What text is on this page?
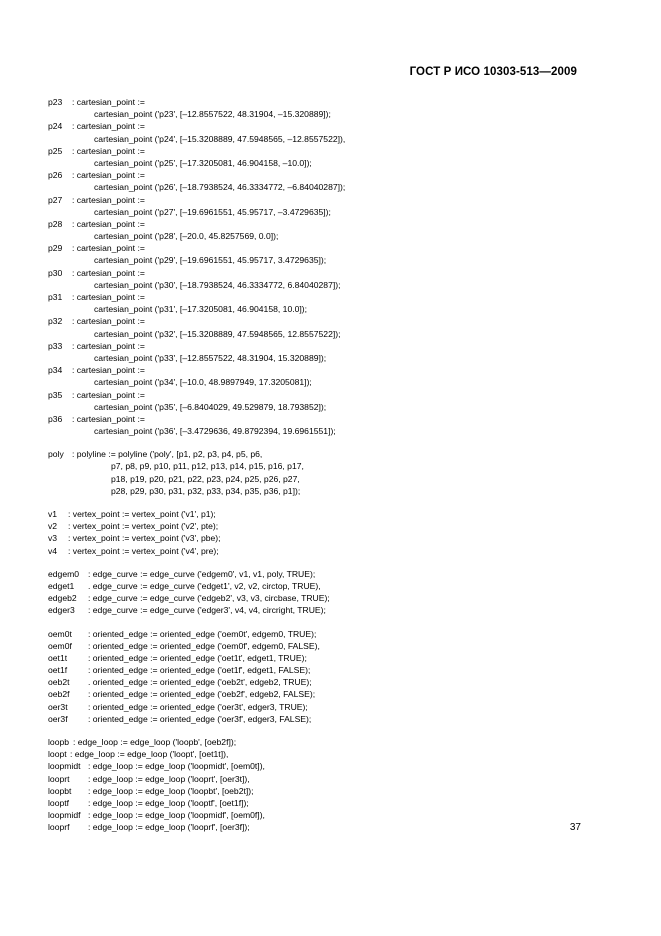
ГОСТ Р ИСО 10303-513—2009
p23 : cartesian_point :=
cartesian_point ('p23', [–12.8557522, 48.31904, –15.320889]);
p24 : cartesian_point :=
cartesian_point ('p24', [–15.3208889, 47.5948565, –12.8557522]),
p25 : cartesian_point :=
cartesian_point ('p25', [–17.3205081, 46.904158, –10.0]);
p26 : cartesian_point :=
cartesian_point ('p26', [–18.7938524, 46.3334772, –6.84040287]);
p27 : cartesian_point :=
cartesian_point ('p27', [–19.6961551, 45.95717, –3.4729635]);
p28 : cartesian_point :=
cartesian_point ('p28', [–20.0, 45.8257569, 0.0]);
p29 : cartesian_point :=
cartesian_point ('p29', [–19.6961551, 45.95717, 3.4729635]);
p30 : cartesian_point :=
cartesian_point ('p30', [–18.7938524, 46.3334772, 6.84040287]);
p31 : cartesian_point :=
cartesian_point ('p31', [–17.3205081, 46.904158, 10.0]);
p32 : cartesian_point :=
cartesian_point ('p32', [–15.3208889, 47.5948565, 12.8557522]);
p33 : cartesian_point :=
cartesian_point ('p33', [–12.8557522, 48.31904, 15.320889]);
p34 : cartesian_point :=
cartesian_point ('p34', [–10.0, 48.9897949, 17.3205081]);
p35 : cartesian_point :=
cartesian_point ('p35', [–6.8404029, 49.529879, 18.793852]);
p36 : cartesian_point :=
cartesian_point ('p36', [–3.4729636, 49.8792394, 19.6961551]);
poly : polyline := polyline ('poly', [p1, p2, p3, p4, p5, p6,
p7, p8, p9, p10, p11, p12, p13, p14, p15, p16, p17,
p18, p19, p20, p21, p22, p23, p24, p25, p26, p27,
p28, p29, p30, p31, p32, p33, p34, p35, p36, p1]);
v1 : vertex_point := vertex_point ('v1', p1);
v2 : vertex_point := vertex_point ('v2', pte);
v3 : vertex_point := vertex_point ('v3', pbe);
v4 : vertex_point := vertex_point ('v4', pre);
edgem0 : edge_curve := edge_curve ('edgem0', v1, v1, poly, TRUE);
edget1 . edge_curve := edge_curve ('edget1', v2, v2, circtop, TRUE),
edgeb2 : edge_curve := edge_curve ('edgeb2', v3, v3, circbase, TRUE);
edger3 : edge_curve := edge_curve ('edger3', v4, v4, circright, TRUE);
oem0t : oriented_edge := oriented_edge ('oem0t', edgem0, TRUE);
oem0f : oriented_edge := oriented_edge ('oem0f', edgem0, FALSE),
oet1t : oriented_edge := oriented_edge ('oet1t', edget1, TRUE);
oet1f : oriented_edge := oriented_edge ('oet1f', edget1, FALSE);
oeb2t . oriented_edge := oriented_edge ('oeb2t', edgeb2, TRUE);
oeb2f : oriented_edge := oriented_edge ('oeb2f', edgeb2, FALSE);
oer3t : oriented_edge := oriented_edge ('oer3t', edger3, TRUE);
oer3f : oriented_edge := oriented_edge ('oer3f', edger3, FALSE);
loopb : edge_loop := edge_loop ('loopb', [oeb2f]);
loopt : edge_loop := edge_loop ('loopt', [oet1t]),
loopmidt : edge_loop := edge_loop ('loopmidt', [oem0t]),
looprt : edge_loop := edge_loop ('looprt', [oer3t]),
loopbt : edge_loop := edge_loop ('loopbt', [oeb2t]);
looptf : edge_loop := edge_loop ('looptf', [oet1f]);
loopmidf : edge_loop := edge_loop ('loopmidf', [oem0f]),
looprf : edge_loop := edge_loop ('looprf', [oer3f]);	37
